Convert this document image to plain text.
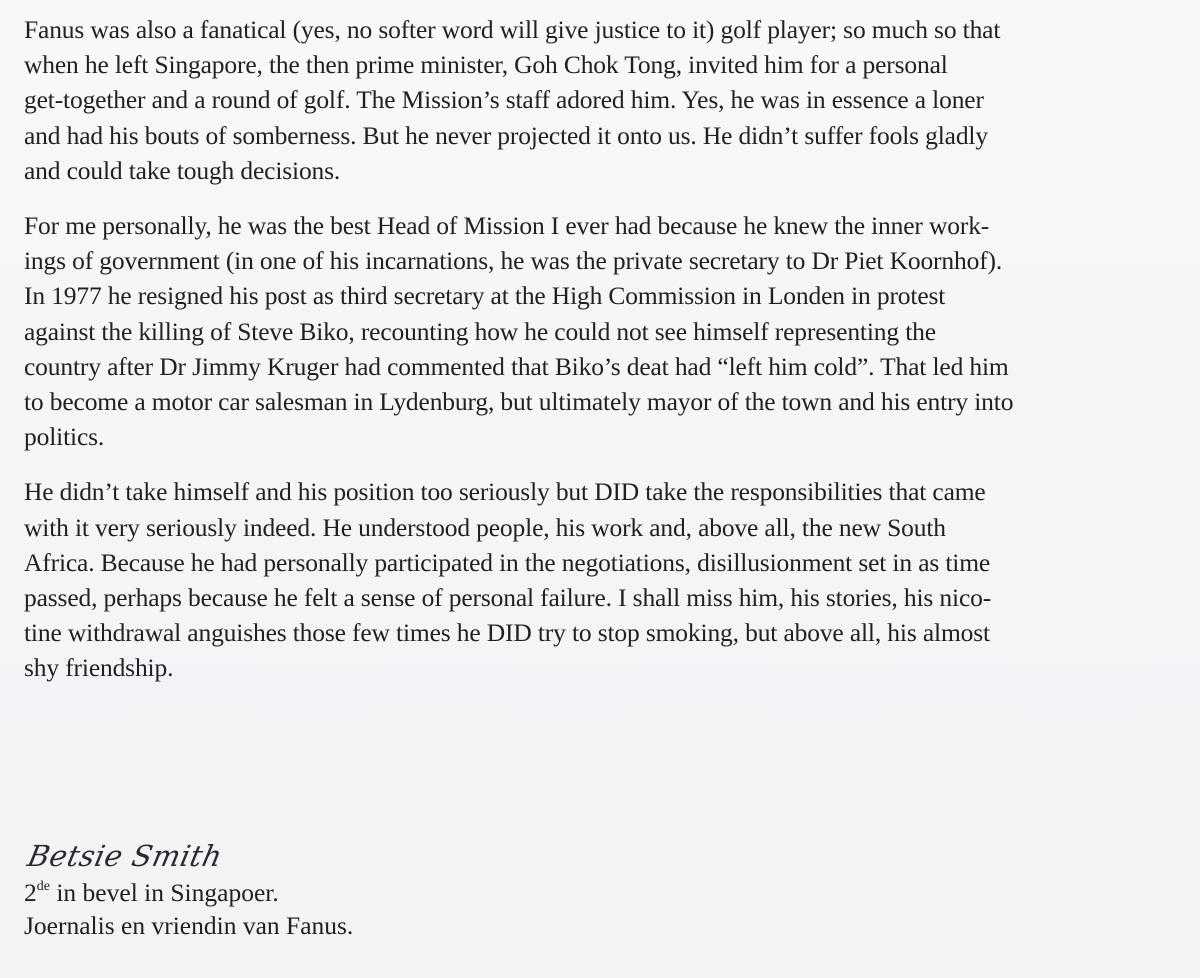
Fanus was also a fanatical (yes, no softer word will give justice to it) golf player; so much so that
when he left Singapore, the then prime minister, Goh Chok Tong, invited him for a personal
get-together and a round of golf. The Mission’s staff adored him. Yes, he was in essence a loner
and had his bouts of somberness. But he never projected it onto us. He didn’t suffer fools gladly
and could take tough decisions.

For me personally, he was the best Head of Mission I ever had because he knew the inner work-
ings of government (in one of his incarnations, he was the private secretary to Dr Piet Koornhof).
In 1977 he resigned his post as third secretary at the High Commission in Londen in protest
against the killing of Steve Biko, recounting how he could not see himself representing the
country after Dr Jimmy Kruger had commented that Biko’s deat had “left him cold”. That led him
to become a motor car salesman in Lydenburg, but ultimately mayor of the town and his entry into
politics.

He didn’t take himself and his position too seriously but DID take the responsibilities that came
with it very seriously indeed. He understood people, his work and, above all, the new South
Africa. Because he had personally participated in the negotiations, disillusionment set in as time
passed, perhaps because he felt a sense of personal failure. I shall miss him, his stories, his nico-
tine withdrawal anguishes those few times he DID try to stop smoking, but above all, his almost
shy friendship.

Betsie Smith
2de in bevel in Singapoer.
Joernalis en vriendin van Fanus.
